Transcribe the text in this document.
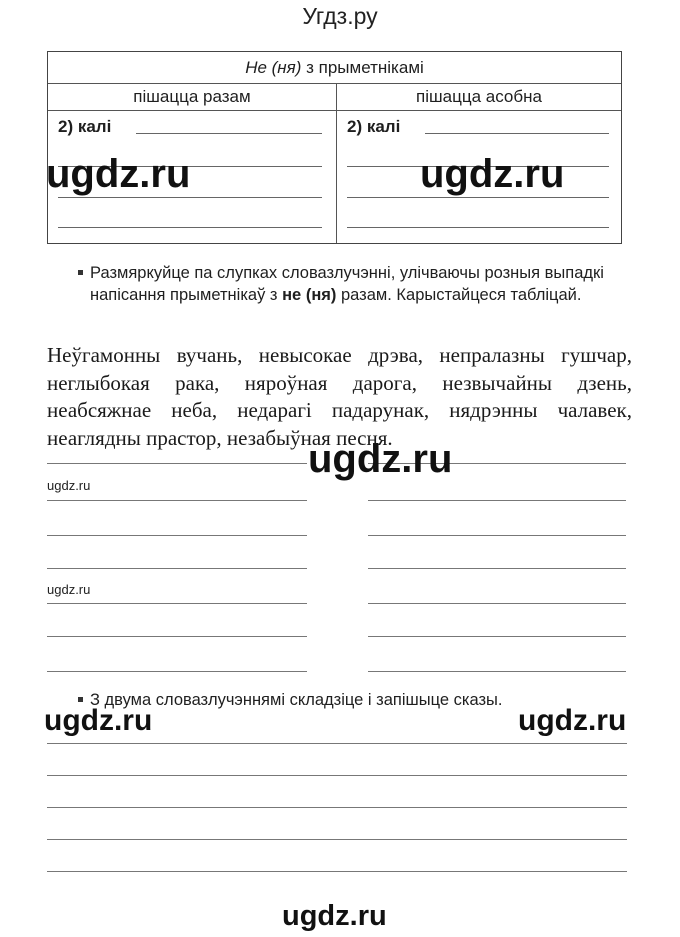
Угдз.ру
Не (ня) з прыметнікамі
пішацца разам	пішацца асобна
2) калі	2) калі
Размяркуйце па слупках словазлучэнні, улічваючы розныя выпадкі напісання прыметнікаў з не (ня) разам. Карыстайцеся табліцай.
Неўгамонны вучань, невысокае дрэва, непралазны гушчар, неглыбокая рака, няроўная дарога, незвычайны дзень, неабсяжнае неба, недарагі падарунак, нядрэнны чалавек, неаглядны прастор, незабыўная песня.
З двума словазлучэннямі складзіце і запішыце сказы.
ugdz.ru	ugdz.ru
ugdz.ru
ugdz.ru
ugdz.ru
ugdz.ru	ugdz.ru
ugdz.ru
